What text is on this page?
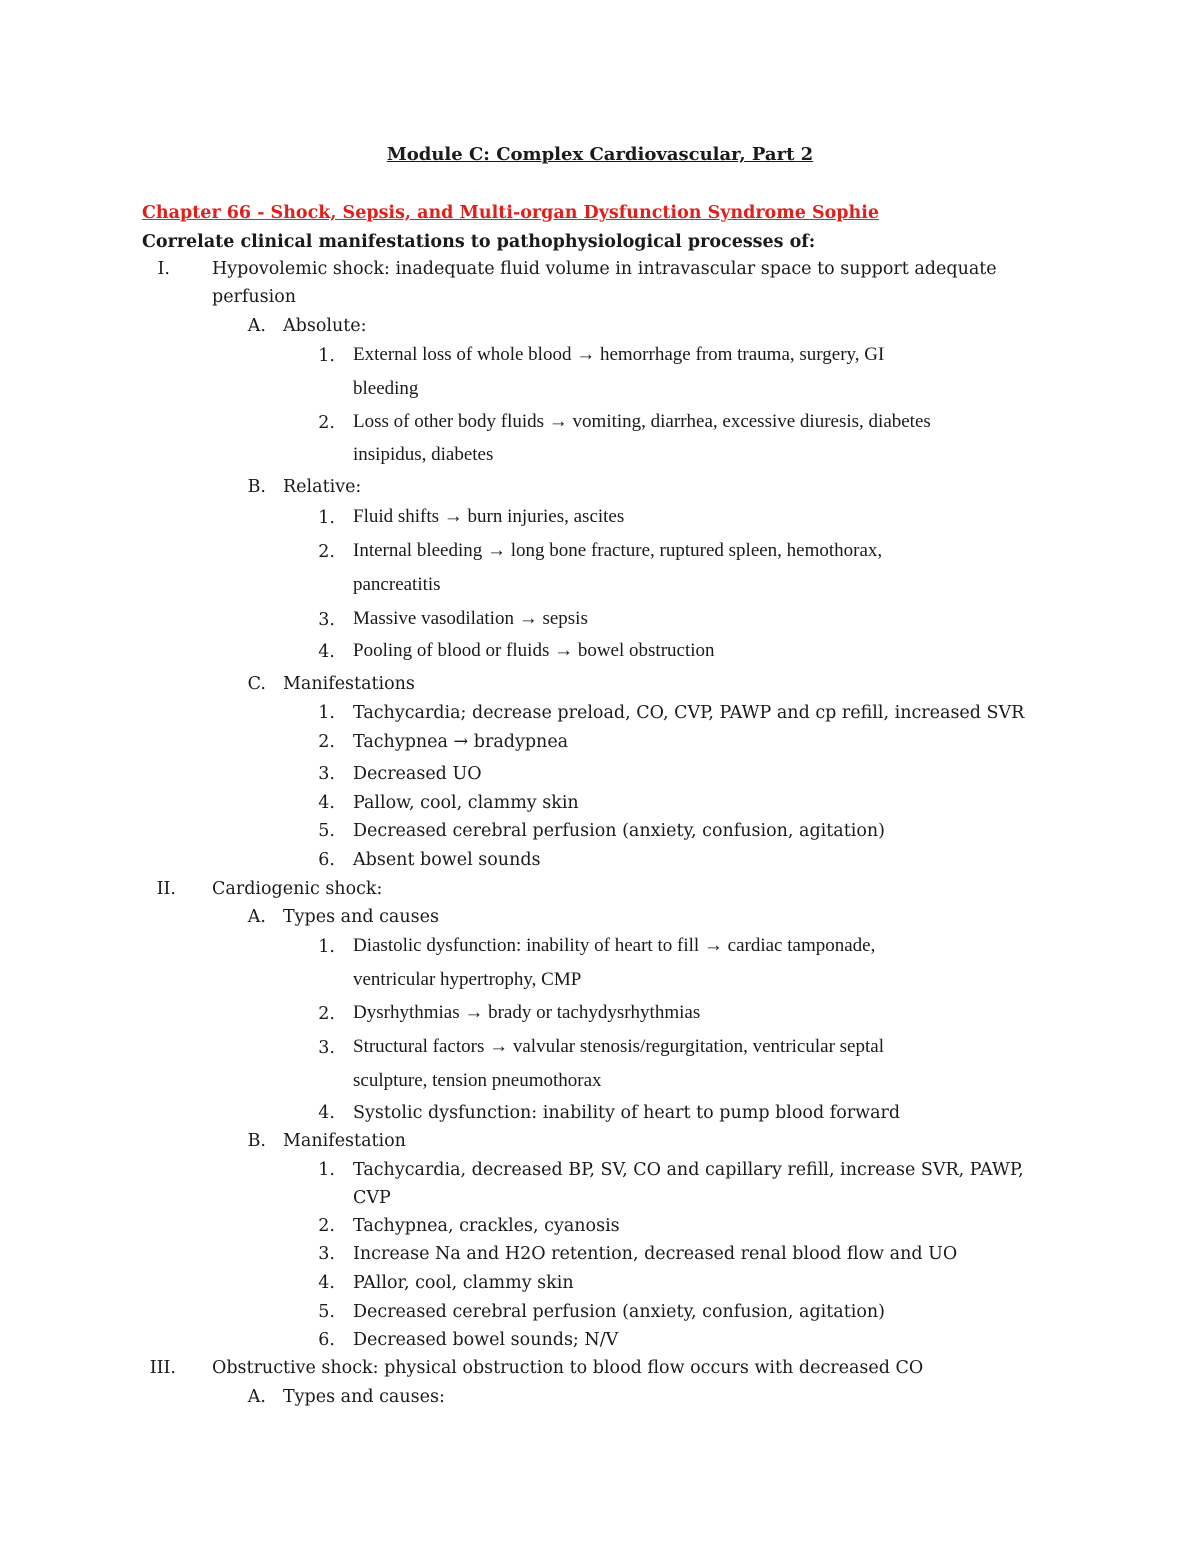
Module C: Complex Cardiovascular, Part 2
Chapter 66 - Shock, Sepsis, and Multi-organ Dysfunction Syndrome Sophie
Correlate clinical manifestations to pathophysiological processes of:
I. Hypovolemic shock: inadequate fluid volume in intravascular space to support adequate
perfusion
A. Absolute:
1. External loss of whole blood → hemorrhage from trauma, surgery, GI
bleeding
2. Loss of other body fluids → vomiting, diarrhea, excessive diuresis, diabetes
insipidus, diabetes
B. Relative:
1. Fluid shifts → burn injuries, ascites
2. Internal bleeding → long bone fracture, ruptured spleen, hemothorax,
pancreatitis
3. Massive vasodilation → sepsis
4. Pooling of blood or fluids → bowel obstruction
C. Manifestations
1. Tachycardia; decrease preload, CO, CVP, PAWP and cp refill, increased SVR
2. Tachypnea → bradypnea
3. Decreased UO
4. Pallow, cool, clammy skin
5. Decreased cerebral perfusion (anxiety, confusion, agitation)
6. Absent bowel sounds
II. Cardiogenic shock:
A. Types and causes
1. Diastolic dysfunction: inability of heart to fill → cardiac tamponade,
ventricular hypertrophy, CMP
2. Dysrhythmias → brady or tachydysrhythmias
3. Structural factors → valvular stenosis/regurgitation, ventricular septal
sculpture, tension pneumothorax
4. Systolic dysfunction: inability of heart to pump blood forward
B. Manifestation
1. Tachycardia, decreased BP, SV, CO and capillary refill, increase SVR, PAWP,
CVP
2. Tachypnea, crackles, cyanosis
3. Increase Na and H2O retention, decreased renal blood flow and UO
4. PAllor, cool, clammy skin
5. Decreased cerebral perfusion (anxiety, confusion, agitation)
6. Decreased bowel sounds; N/V
III. Obstructive shock: physical obstruction to blood flow occurs with decreased CO
A. Types and causes:
